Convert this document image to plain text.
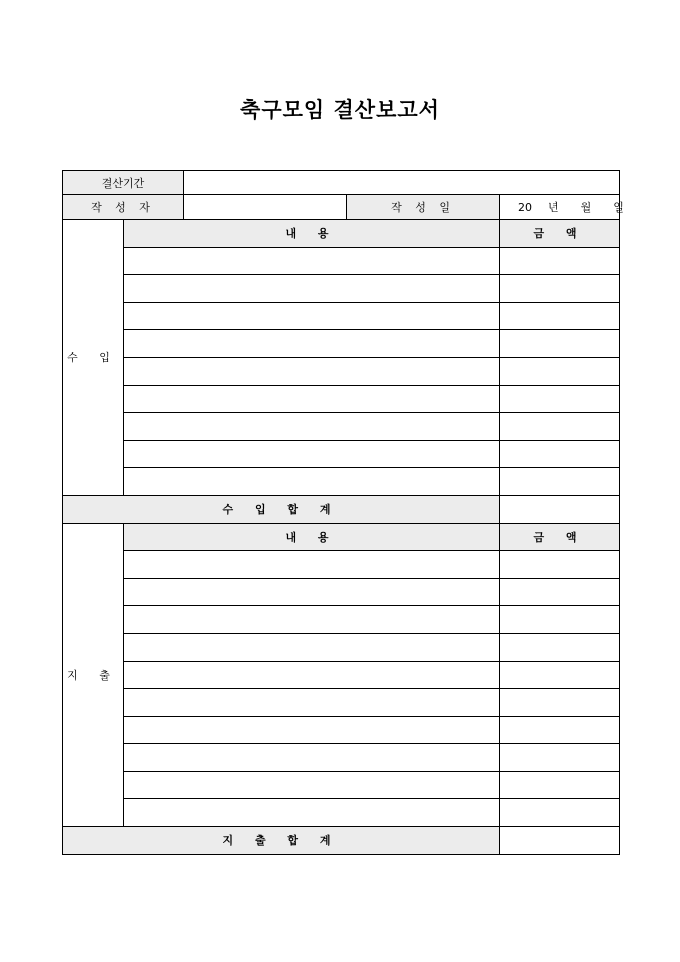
축구모임 결산보고서
결산기간				
작 성 자			작 성 일	20 년 월 일
수 입	내 용			금 액

수 입 합 계				
지 출	내 용			금 액

지 출 합 계				
